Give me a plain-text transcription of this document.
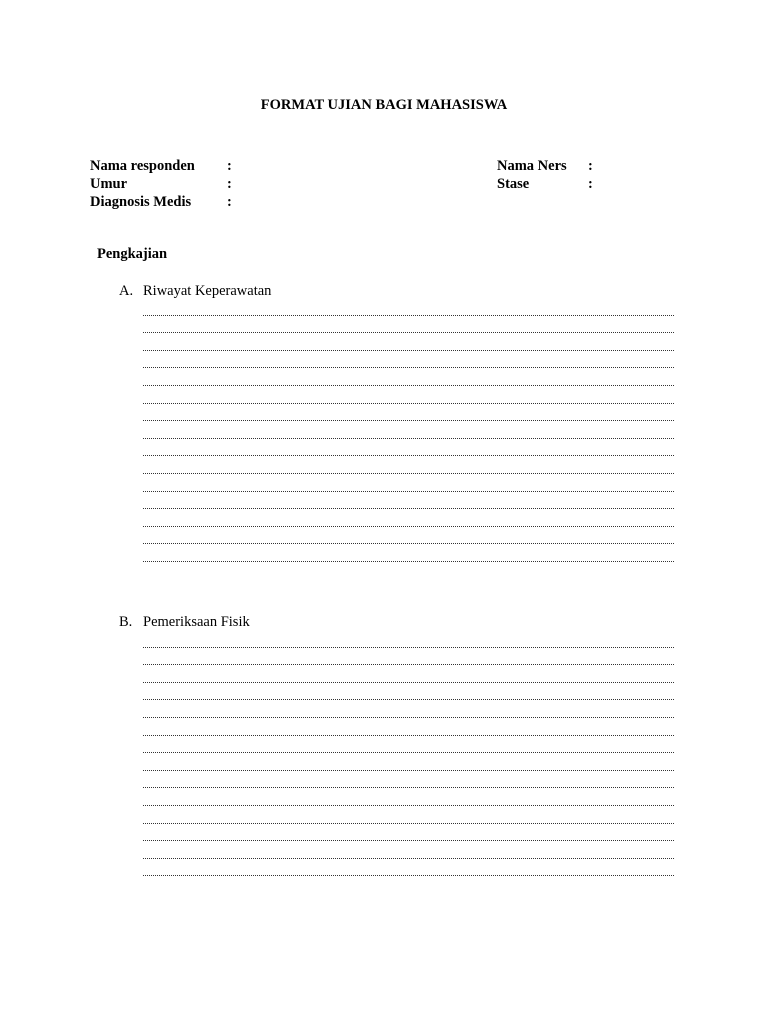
FORMAT UJIAN BAGI MAHASISWA
Nama responden :
Umur	:
Diagnosis Medis :
Nama Ners :
Stase	:
Pengkajian
A. Riwayat Keperawatan
B. Pemeriksaan Fisik
